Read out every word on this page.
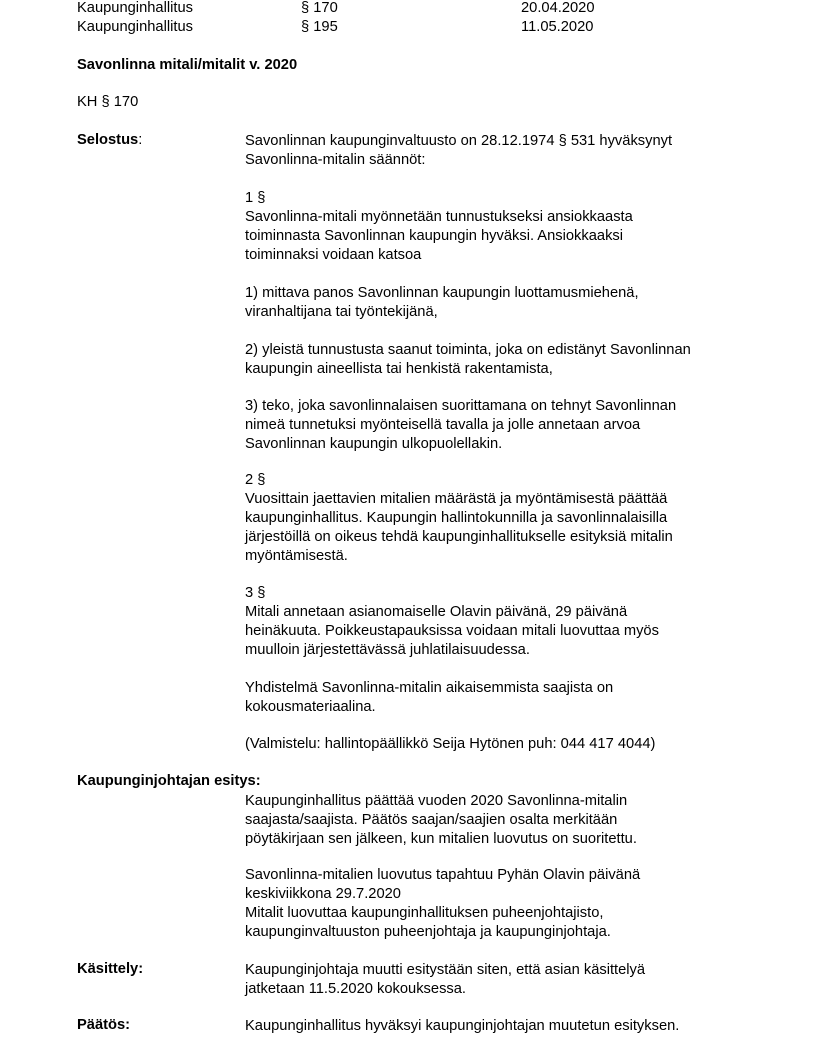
Kaupunginhallitus	§ 170	20.04.2020
Kaupunginhallitus	§ 195	11.05.2020
Savonlinna mitali/mitalit v. 2020
KH § 170
Selostus:	Savonlinnan kaupunginvaltuusto on 28.12.1974 § 531 hyväksynyt
Savonlinna-mitalin säännöt:
1 §
Savonlinna-mitali myönnetään tunnustukseksi ansiokkaasta
toiminnasta Savonlinnan kaupungin hyväksi. Ansiokkaaksi
toiminnaksi voidaan katsoa
1) mittava panos Savonlinnan kaupungin luottamusmiehenä,
viranhaltijana tai työntekijänä,
2) yleistä tunnustusta saanut toiminta, joka on edistänyt Savonlinnan
kaupungin aineellista tai henkistä rakentamista,
3) teko, joka savonlinnalaisen suorittamana on tehnyt Savonlinnan
nimeä tunnetuksi myönteisellä tavalla ja jolle annetaan arvoa
Savonlinnan kaupungin ulkopuolellakin.
2 §
Vuosittain jaettavien mitalien määrästä ja myöntämisestä päättää
kaupunginhallitus. Kaupungin hallintokunnilla ja savonlinnalaisilla
järjestöillä on oikeus tehdä kaupunginhallitukselle esityksiä mitalin
myöntämisestä.
3 §
Mitali annetaan asianomaiselle Olavin päivänä, 29 päivänä
heinäkuuta. Poikkeustapauksissa voidaan mitali luovuttaa myös
muulloin järjestettävässä juhlatilaisuudessa.
Yhdistelmä Savonlinna-mitalin aikaisemmista saajista on
kokousmateriaalina.
(Valmistelu: hallintopäällikkö Seija Hytönen puh: 044 417 4044)
Kaupunginjohtajan esitys:
Kaupunginhallitus päättää vuoden 2020 Savonlinna-mitalin
saajasta/saajista. Päätös saajan/saajien osalta merkitään
pöytäkirjaan sen jälkeen, kun mitalien luovutus on suoritettu.
Savonlinna-mitalien luovutus tapahtuu Pyhän Olavin päivänä
keskiviikkona 29.7.2020
Mitalit luovuttaa kaupunginhallituksen puheenjohtajisto,
kaupunginvaltuuston puheenjohtaja ja kaupunginjohtaja.
Käsittely:	Kaupunginjohtaja muutti esitystään siten, että asian käsittelyä
jatketaan 11.5.2020 kokouksessa.
Päätös:	Kaupunginhallitus hyväksyi kaupunginjohtajan muutetun esityksen.
